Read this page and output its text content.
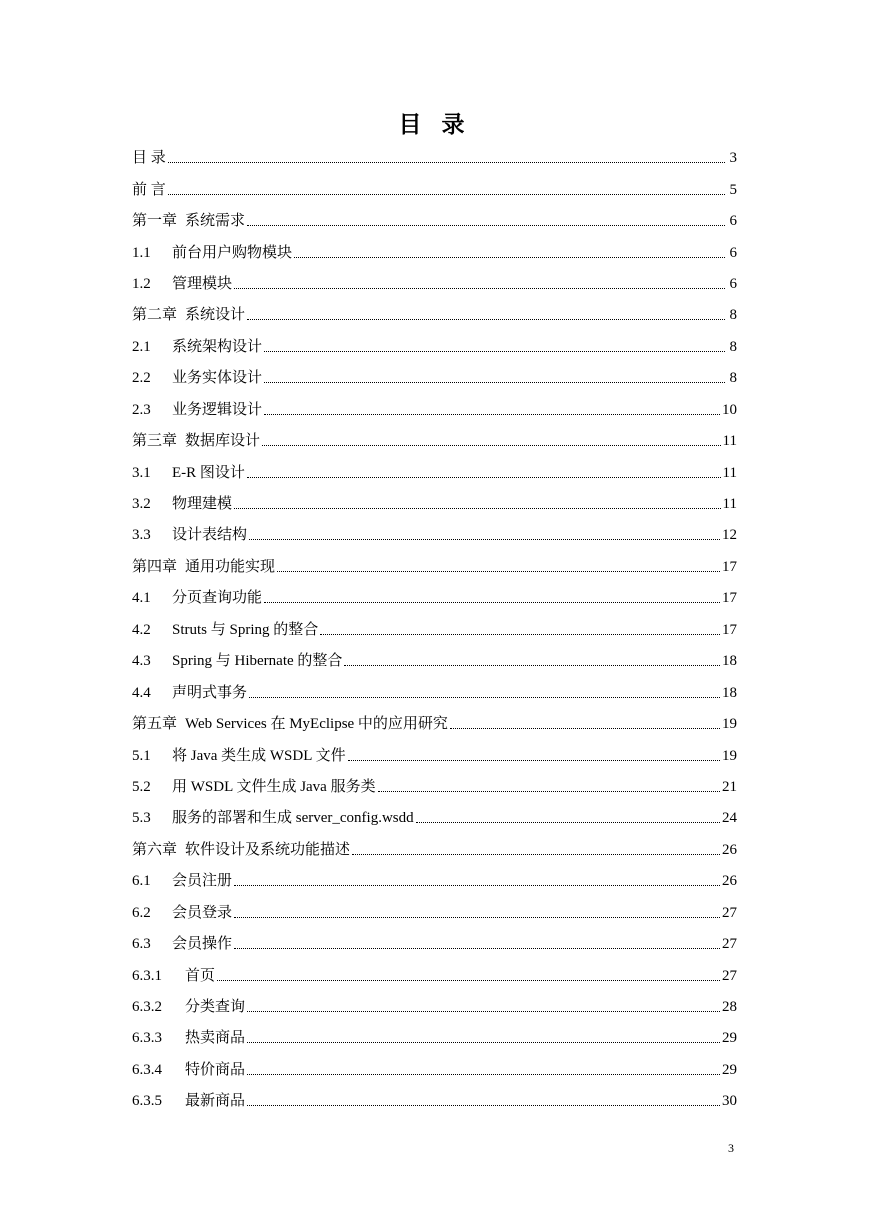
目 录
目 录	3
前 言	5
第一章 系统需求	6
1.1	前台用户购物模块	6
1.2	管理模块	6
第二章 系统设计	8
2.1	系统架构设计	8
2.2	业务实体设计	8
2.3	业务逻辑设计	10
第三章 数据库设计	11
3.1	E-R 图设计	11
3.2	物理建模	11
3.3	设计表结构	12
第四章 通用功能实现	17
4.1	分页查询功能	17
4.2	Struts 与 Spring 的整合	17
4.3	Spring 与 Hibernate 的整合	18
4.4	声明式事务	18
第五章 Web Services 在 MyEclipse 中的应用研究	19
5.1	将 Java 类生成 WSDL 文件	19
5.2	用 WSDL 文件生成 Java 服务类	21
5.3	服务的部署和生成 server_config.wsdd	24
第六章 软件设计及系统功能描述	26
6.1	会员注册	26
6.2	会员登录	27
6.3	会员操作	27
6.3.1	首页	27
6.3.2	分类查询	28
6.3.3	热卖商品	29
6.3.4	特价商品	29
6.3.5	最新商品	30
3
